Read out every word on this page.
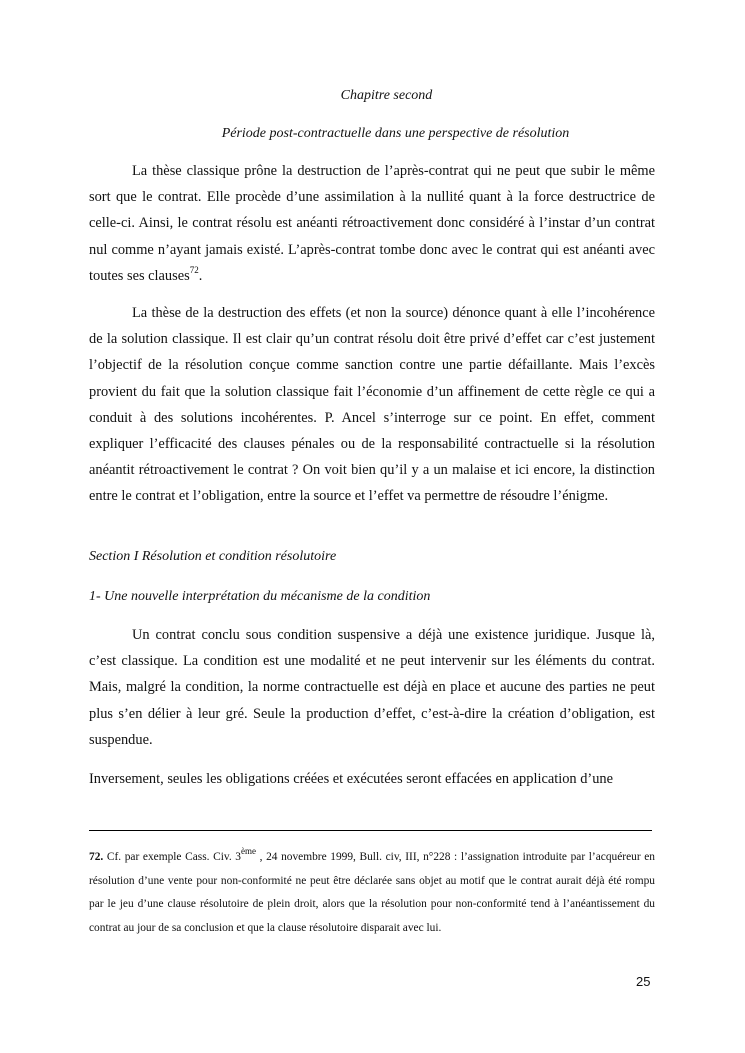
Chapitre second
Période post-contractuelle dans une perspective de résolution

La thèse classique prône la destruction de l’après-contrat qui ne peut que subir le même sort que le contrat. Elle procède d’une assimilation à la nullité quant à la force destructrice de celle-ci. Ainsi, le contrat résolu est anéanti rétroactivement donc considéré à l’instar d’un contrat nul comme n’ayant jamais existé. L’après-contrat tombe donc avec le contrat qui est anéanti avec toutes ses clauses$^{72}$.

La thèse de la destruction des effets (et non la source) dénonce quant à elle l’incohérence de la solution classique. Il est clair qu’un contrat résolu doit être privé d’effet car c’est justement l’objectif de la résolution conçue comme sanction contre une partie défaillante. Mais l’excès provient du fait que la solution classique fait l’économie d’un affinement de cette règle ce qui a conduit à des solutions incohérentes. P. Ancel s’interroge sur ce point. En effet, comment expliquer l’efficacité des clauses pénales ou de la responsabilité contractuelle si la résolution anéantit rétroactivement le contrat ? On voit bien qu’il y a un malaise et ici encore, la distinction entre le contrat et l’obligation, entre la source et l’effet va permettre de résoudre l’énigme.

Section I Résolution et condition résolutoire

1- Une nouvelle interprétation du mécanisme de la condition

Un contrat conclu sous condition suspensive a déjà une existence juridique. Jusque là, c’est classique. La condition est une modalité et ne peut intervenir sur les éléments du contrat. Mais, malgré la condition, la norme contractuelle est déjà en place et aucune des parties ne peut plus s’en délier à leur gré. Seule la production d’effet, c’est-à-dire la création d’obligation, est suspendue.

Inversement, seules les obligations créées et exécutées seront effacées en application d’une

72. Cf. par exemple Cass. Civ. 3ème , 24 novembre 1999, Bull. civ, III, n°228 : l’assignation introduite par l’acquéreur en résolution d’une vente pour non-conformité ne peut être déclarée sans objet au motif que le contrat aurait déjà été rompu par le jeu d’une clause résolutoire de plein droit, alors que la résolution pour non-conformité tend à l’anéantissement du contrat au jour de sa conclusion et que la clause résolutoire disparait avec lui.

25
